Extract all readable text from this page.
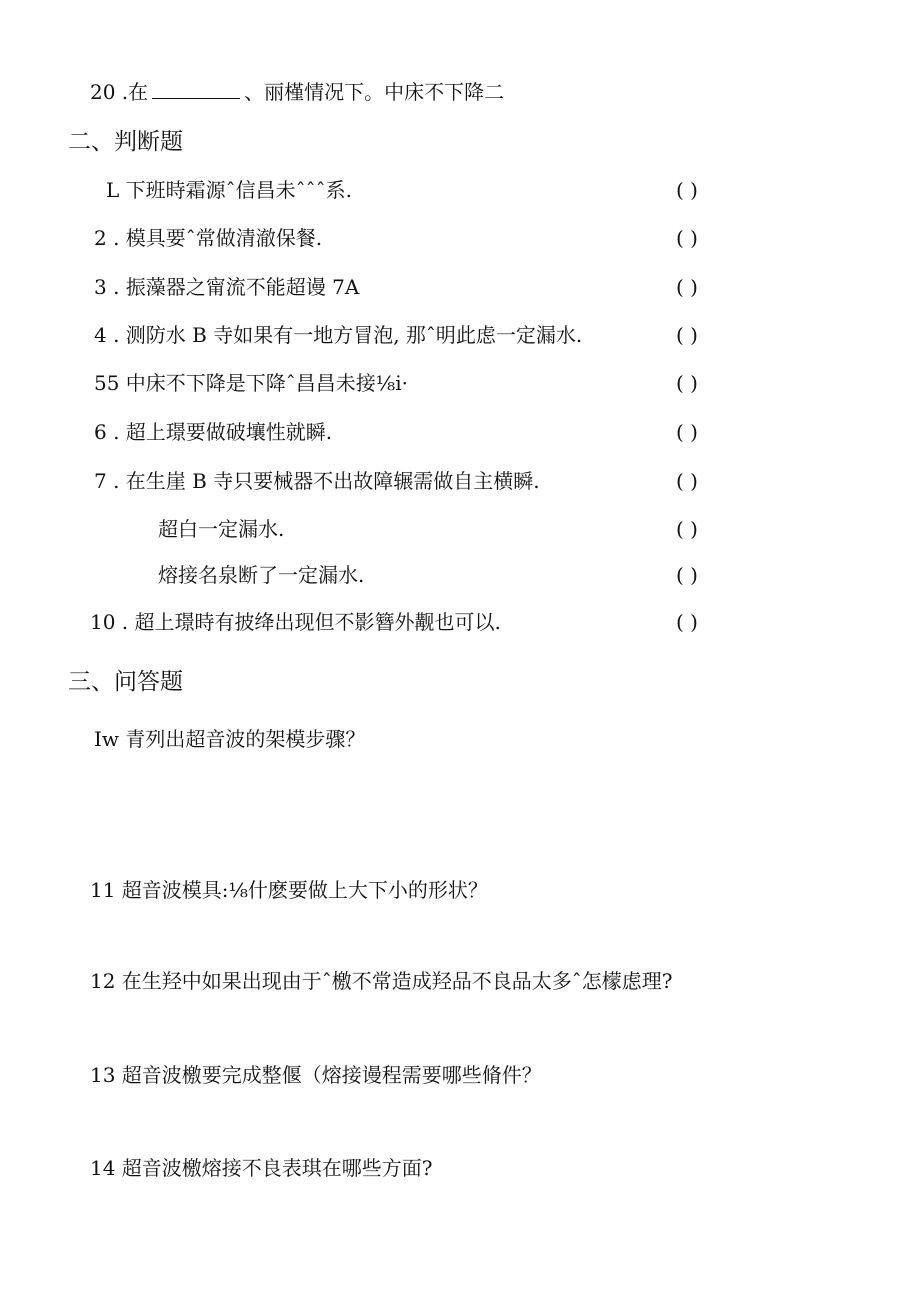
20 .在	、丽槿情况下。中床不下降二
二、判断题
L 下班時霜源ˆ信昌未ˆˆˆ系.	( )
2 . 模具要ˆ常做清澈保餐.	( )
3 . 振藻器之甯流不能超谩 7A	( )
4 . 测防水 B 寺如果有一地方冒泡, 那ˆ明此虑一定漏水.	( )
55 中床不下降是下降ˆ昌昌未接⅛i·	( )
6 . 超上璟要做破壤性就瞬.	( )
7 . 在生崖 B 寺只要械器不出故障辗需做自主横瞬.	( )
超白一定漏水.	( )
熔接名泉断了一定漏水.	( )
10 . 超上璟時有披绛出现但不影簪外觏也可以.	( )
三、问答题
Iw 青列出超音波的架模步骤？
11 超音波模具:⅛什麽要做上大下小的形状？
12 在生羟中如果出现由于ˆ檄不常造成羟品不良品太多ˆ怎檬虑理?
13 超音波檄要完成整偃（熔接谩程需要哪些脩件？
14 超音波檄熔接不良表琪在哪些方面?
